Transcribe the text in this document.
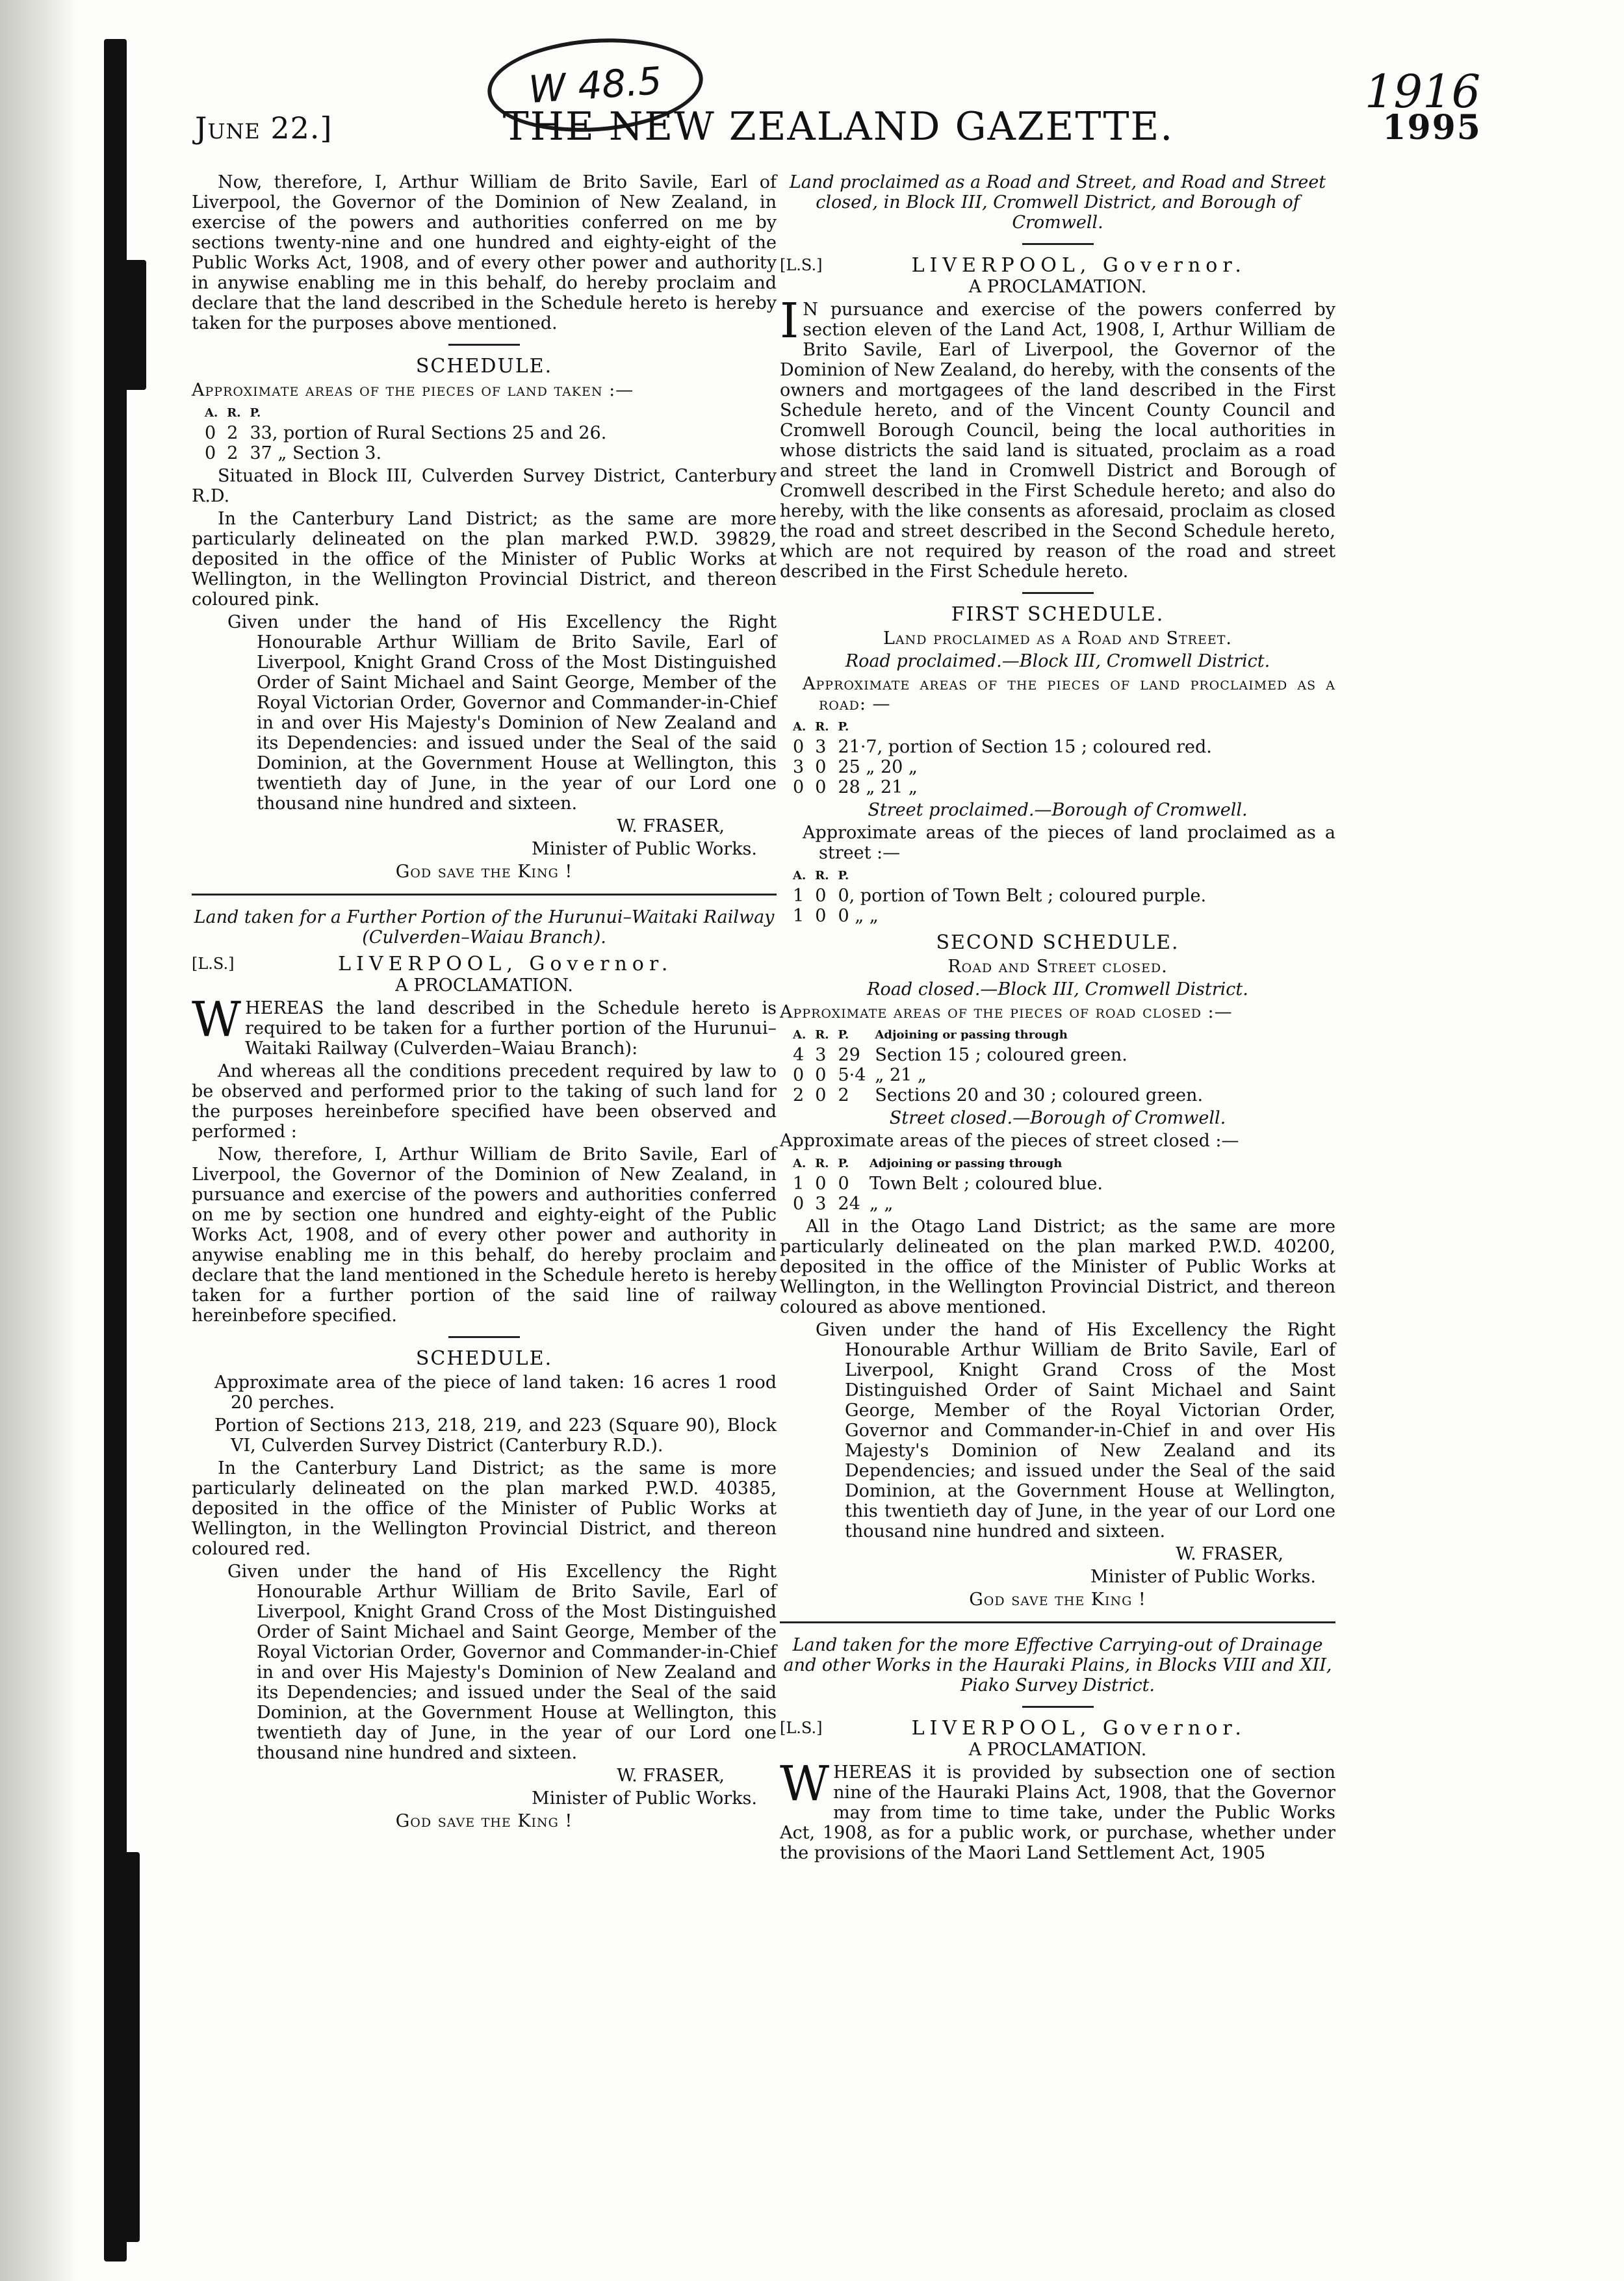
W 48.5	1916
June 22.]	THE NEW ZEALAND GAZETTE.	1995

Now, therefore, I, Arthur William de Brito Savile, Earl of Liverpool, the Governor of the Dominion of New Zealand, in exercise of the powers and authorities conferred on me by sections twenty-nine and one hundred and eighty-eight of the Public Works Act, 1908, and of every other power and authority in anywise enabling me in this behalf, do hereby proclaim and declare that the land described in the Schedule hereto is hereby taken for the purposes above mentioned.

SCHEDULE.

Approximate areas of the pieces of land taken :—

A.	R.	P.
0	2	33, portion of Rural Sections 25 and 26.
0	2	37 „ Section 3.

Situated in Block III, Culverden Survey District, Canterbury R.D.

In the Canterbury Land District; as the same are more particularly delineated on the plan marked P.W.D. 39829, deposited in the office of the Minister of Public Works at Wellington, in the Wellington Provincial District, and thereon coloured pink.

Given under the hand of His Excellency the Right Honourable Arthur William de Brito Savile, Earl of Liverpool, Knight Grand Cross of the Most Distinguished Order of Saint Michael and Saint George, Member of the Royal Victorian Order, Governor and Commander-in-Chief in and over His Majesty's Dominion of New Zealand and its Dependencies: and issued under the Seal of the said Dominion, at the Government House at Wellington, this twentieth day of June, in the year of our Lord one thousand nine hundred and sixteen.

W. FRASER,

Minister of Public Works.

God save the King !

Land taken for a Further Portion of the Hurunui–Waitaki Railway (Culverden–Waiau Branch).

[L.S.]	LIVERPOOL, Governor.

A PROCLAMATION.

WHEREAS the land described in the Schedule hereto is required to be taken for a further portion of the Hurunui–Waitaki Railway (Culverden–Waiau Branch):

And whereas all the conditions precedent required by law to be observed and performed prior to the taking of such land for the purposes hereinbefore specified have been observed and performed :

Now, therefore, I, Arthur William de Brito Savile, Earl of Liverpool, the Governor of the Dominion of New Zealand, in pursuance and exercise of the powers and authorities conferred on me by section one hundred and eighty-eight of the Public Works Act, 1908, and of every other power and authority in anywise enabling me in this behalf, do hereby proclaim and declare that the land mentioned in the Schedule hereto is hereby taken for a further portion of the said line of railway hereinbefore specified.

SCHEDULE.

Approximate area of the piece of land taken: 16 acres 1 rood 20 perches.

Portion of Sections 213, 218, 219, and 223 (Square 90), Block VI, Culverden Survey District (Canterbury R.D.).

In the Canterbury Land District; as the same is more particularly delineated on the plan marked P.W.D. 40385, deposited in the office of the Minister of Public Works at Wellington, in the Wellington Provincial District, and thereon coloured red.

Given under the hand of His Excellency the Right Honourable Arthur William de Brito Savile, Earl of Liverpool, Knight Grand Cross of the Most Distinguished Order of Saint Michael and Saint George, Member of the Royal Victorian Order, Governor and Commander-in-Chief in and over His Majesty's Dominion of New Zealand and its Dependencies; and issued under the Seal of the said Dominion, at the Government House at Wellington, this twentieth day of June, in the year of our Lord one thousand nine hundred and sixteen.

W. FRASER,

Minister of Public Works.

God save the King !

Land proclaimed as a Road and Street, and Road and Street closed, in Block III, Cromwell District, and Borough of Cromwell.

[L.S.]	LIVERPOOL, Governor.

A PROCLAMATION.

I N pursuance and exercise of the powers conferred by section eleven of the Land Act, 1908, I, Arthur William de Brito Savile, Earl of Liverpool, the Governor of the Dominion of New Zealand, do hereby, with the consents of the owners and mortgagees of the land described in the First Schedule hereto, and of the Vincent County Council and Cromwell Borough Council, being the local authorities in whose districts the said land is situated, proclaim as a road and street the land in Cromwell District and Borough of Cromwell described in the First Schedule hereto; and also do hereby, with the like consents as aforesaid, proclaim as closed the road and street described in the Second Schedule hereto, which are not required by reason of the road and street described in the First Schedule hereto.

FIRST SCHEDULE.

Land proclaimed as a Road and Street.

Road proclaimed.—Block III, Cromwell District.

Approximate areas of the pieces of land proclaimed as a road: —

A.	R.	P.
0	3	21·7, portion of Section 15 ; coloured red.
3	0	25 „ 20 „
0	0	28 „ 21 „

Street proclaimed.—Borough of Cromwell.

Approximate areas of the pieces of land proclaimed as a street :—

A.	R.	P.
1	0	0, portion of Town Belt ; coloured purple.
1	0	0 „ „

SECOND SCHEDULE.

Road and Street closed.

Road closed.—Block III, Cromwell District.

Approximate areas of the pieces of road closed :—

A.	R.	P.	Adjoining or passing through
4	3	29	Section 15 ; coloured green.
0	0	5·4	„ 21 „
2	0	2	Sections 20 and 30 ; coloured green.

Street closed.—Borough of Cromwell.

Approximate areas of the pieces of street closed :—

A.	R.	P.	Adjoining or passing through
1	0	0	Town Belt ; coloured blue.
0	3	24	„ „

All in the Otago Land District; as the same are more particularly delineated on the plan marked P.W.D. 40200, deposited in the office of the Minister of Public Works at Wellington, in the Wellington Provincial District, and thereon coloured as above mentioned.

Given under the hand of His Excellency the Right Honourable Arthur William de Brito Savile, Earl of Liverpool, Knight Grand Cross of the Most Distinguished Order of Saint Michael and Saint George, Member of the Royal Victorian Order, Governor and Commander-in-Chief in and over His Majesty's Dominion of New Zealand and its Dependencies; and issued under the Seal of the said Dominion, at the Government House at Wellington, this twentieth day of June, in the year of our Lord one thousand nine hundred and sixteen.

W. FRASER,

Minister of Public Works.

God save the King !

Land taken for the more Effective Carrying-out of Drainage and other Works in the Hauraki Plains, in Blocks VIII and XII, Piako Survey District.

[L.S.]	LIVERPOOL, Governor.

A PROCLAMATION.

WHEREAS it is provided by subsection one of section nine of the Hauraki Plains Act, 1908, that the Governor may from time to time take, under the Public Works Act, 1908, as for a public work, or purchase, whether under the provisions of the Maori Land Settlement Act, 1905
